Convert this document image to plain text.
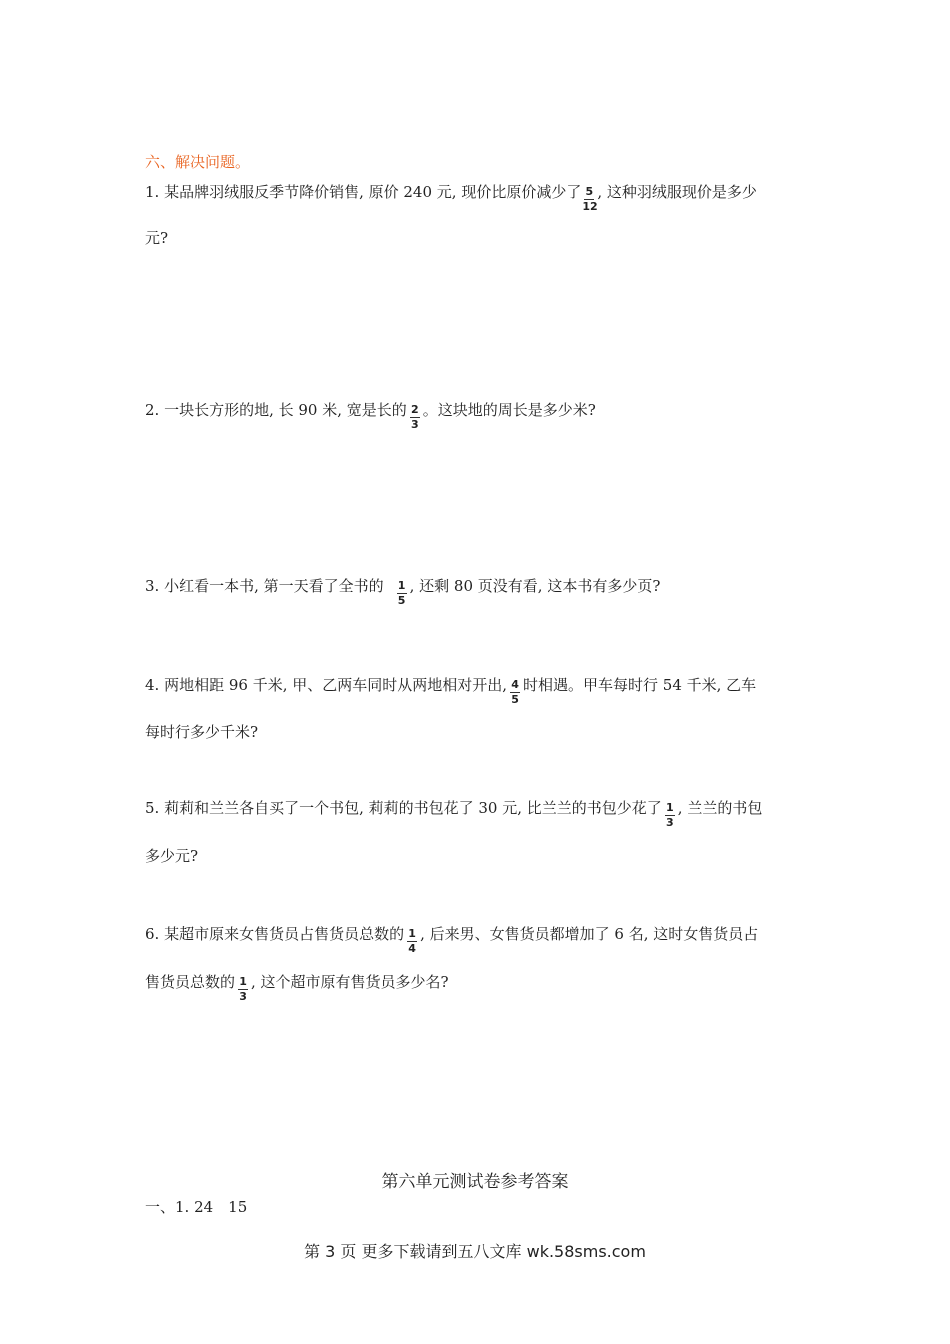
六、解决问题。
1. 某品牌羽绒服反季节降价销售, 原价 240 元, 现价比原价减少了 $\frac{5}{12}$ , 这种羽绒服现价是多少
元?
2. 一块长方形的地, 长 90 米, 宽是长的 $\frac{2}{3}$ 。这块地的周长是多少米?
3. 小红看一本书, 第一天看了全书的 $\frac{1}{5}$ , 还剩 80 页没有看, 这本书有多少页?
4. 两地相距 96 千米, 甲、乙两车同时从两地相对开出, $\frac{4}{5}$ 时相遇。甲车每时行 54 千米, 乙车
每时行多少千米?
5. 莉莉和兰兰各自买了一个书包, 莉莉的书包花了 30 元, 比兰兰的书包少花了 $\frac{1}{3}$ , 兰兰的书包
多少元?
6. 某超市原来女售货员占售货员总数的 $\frac{1}{4}$ , 后来男、女售货员都增加了 6 名, 这时女售货员占
售货员总数的 $\frac{1}{3}$ , 这个超市原有售货员多少名?
第六单元测试卷参考答案
一、1. 24　15
第 3 页 更多下载请到五八文库 wk.58sms.com
